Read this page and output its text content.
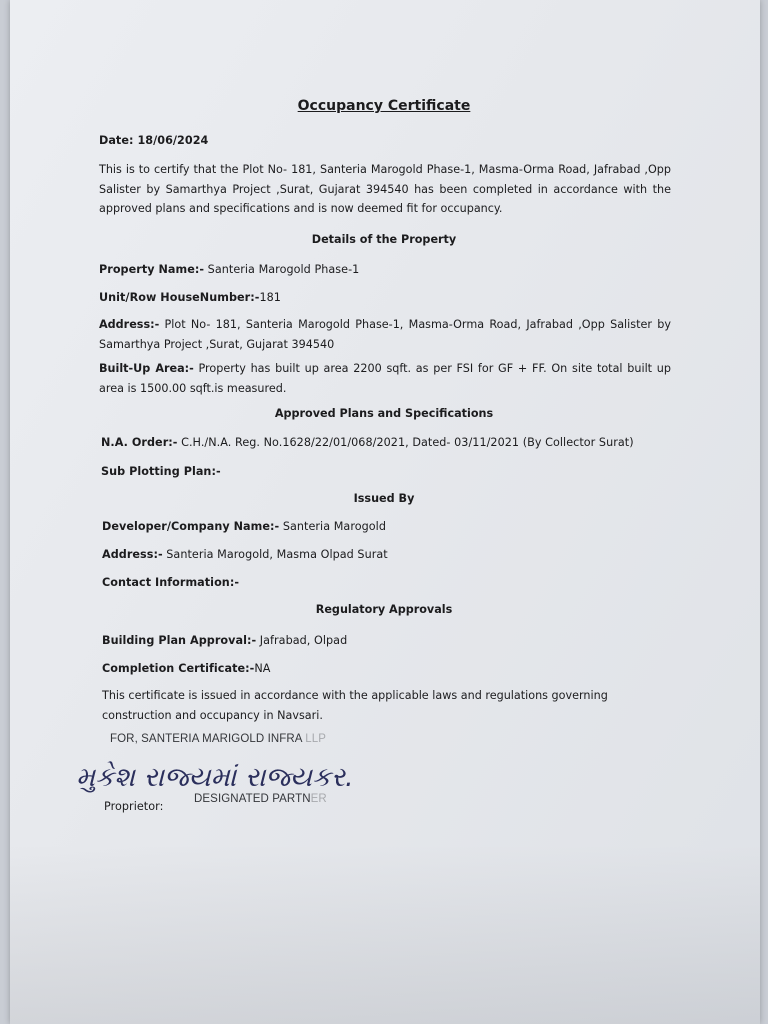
Occupancy Certificate
Date: 18/06/2024
This is to certify that the Plot No- 181, Santeria Marogold Phase-1, Masma-Orma Road, Jafrabad ,Opp Salister by Samarthya Project ,Surat, Gujarat 394540 has been completed in accordance with the approved plans and specifications and is now deemed fit for occupancy.
Details of the Property
Property Name:- Santeria Marogold Phase-1
Unit/Row HouseNumber:-181
Address:- Plot No- 181, Santeria Marogold Phase-1, Masma-Orma Road, Jafrabad ,Opp Salister by Samarthya Project ,Surat, Gujarat 394540
Built-Up Area:- Property has built up area 2200 sqft. as per FSI for GF + FF. On site total built up area is 1500.00 sqft.is measured.
Approved Plans and Specifications
N.A. Order:- C.H./N.A. Reg. No.1628/22/01/068/2021, Dated- 03/11/2021 (By Collector Surat)
Sub Plotting Plan:-
Issued By
Developer/Company Name:- Santeria Marogold
Address:- Santeria Marogold, Masma Olpad Surat
Contact Information:-
Regulatory Approvals
Building Plan Approval:- Jafrabad, Olpad
Completion Certificate:-NA
This certificate is issued in accordance with the applicable laws and regulations governing construction and occupancy in Navsari.
FOR, SANTERIA MARIGOLD INFRA LLP
મુકેશ રાજ્યમાં રાજ્યકર.
Proprietor:
DESIGNATED PARTNER
